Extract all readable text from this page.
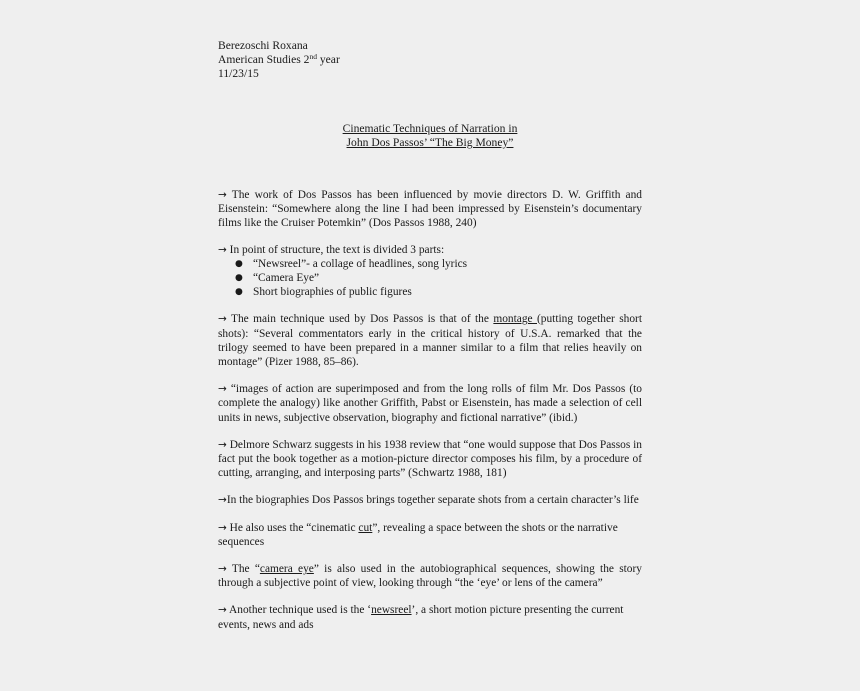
Berezoschi Roxana
American Studies 2nd year
11/23/15
Cinematic Techniques of Narration in
John Dos Passos’ “The Big Money”

→ The work of Dos Passos has been influenced by movie directors D. W. Griffith and Eisenstein: “Somewhere along the line I had been impressed by Eisenstein’s documentary films like the Cruiser Potemkin” (Dos Passos 1988, 240)

→ In point of structure, the text is divided 3 parts:

● “Newsreel”- a collage of headlines, song lyrics
● “Camera Eye”
● Short biographies of public figures

→ The main technique used by Dos Passos is that of the montage (putting together short shots): “Several commentators early in the critical history of U.S.A. remarked that the trilogy seemed to have been prepared in a manner similar to a film that relies heavily on montage” (Pizer 1988, 85–86).

→ “images of action are superimposed and from the long rolls of film Mr. Dos Passos (to complete the analogy) like another Griffith, Pabst or Eisenstein, has made a selection of cell units in news, subjective observation, biography and fictional narrative” (ibid.)

→ Delmore Schwarz suggests in his 1938 review that “one would suppose that Dos Passos in fact put the book together as a motion-picture director composes his film, by a procedure of cutting, arranging, and interposing parts” (Schwartz 1988, 181)

→In the biographies Dos Passos brings together separate shots from a certain character’s life

→ He also uses the “cinematic cut”, revealing a space between the shots or the narrative sequences

→ The “camera eye” is also used in the autobiographical sequences, showing the story through a subjective point of view, looking through “the ‘eye’ or lens of the camera”

→ Another technique used is the ‘newsreel’, a short motion picture presenting the current events, news and ads
